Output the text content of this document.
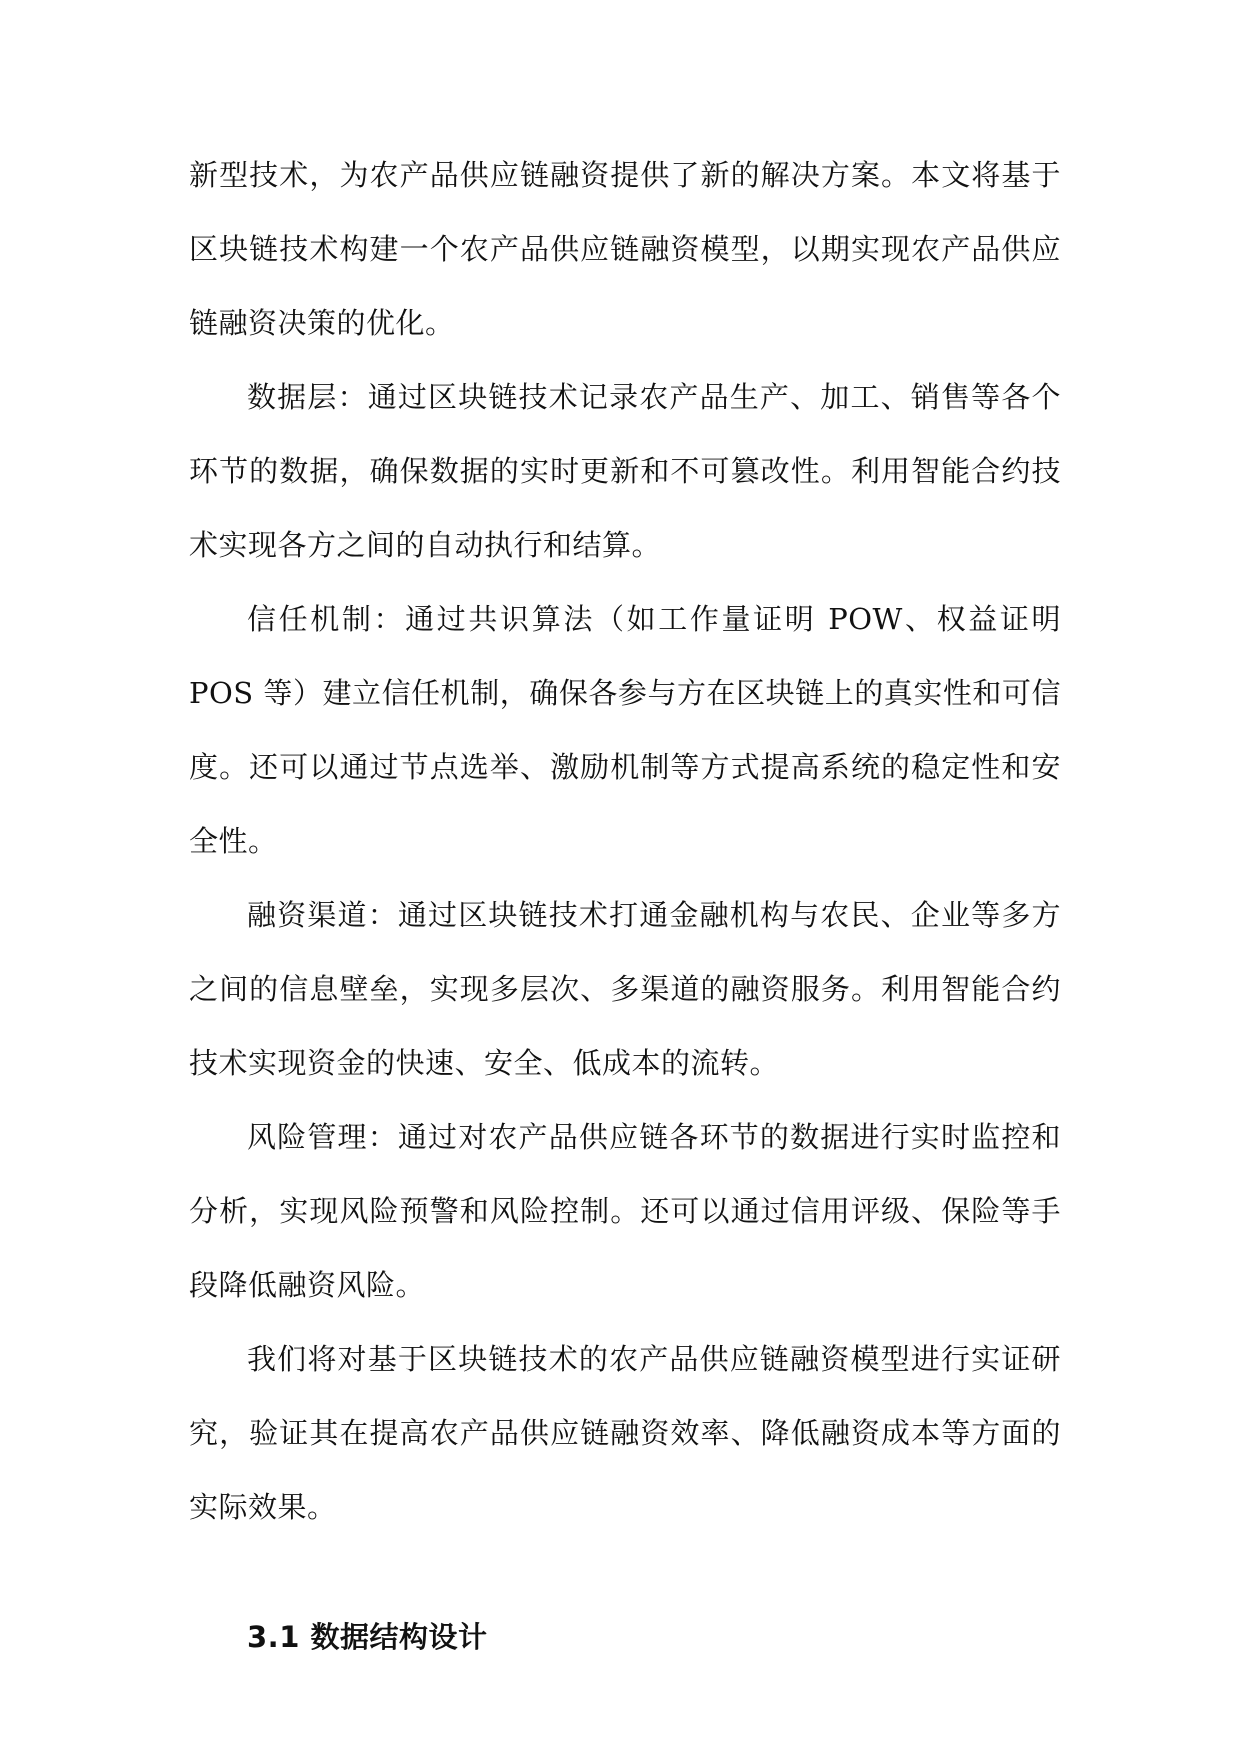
新型技术，为农产品供应链融资提供了新的解决方案。本文将基于区块链技术构建一个农产品供应链融资模型，以期实现农产品供应链融资决策的优化。

数据层：通过区块链技术记录农产品生产、加工、销售等各个环节的数据，确保数据的实时更新和不可篡改性。利用智能合约技术实现各方之间的自动执行和结算。

信任机制：通过共识算法（如工作量证明 POW、权益证明 POS 等）建立信任机制，确保各参与方在区块链上的真实性和可信度。还可以通过节点选举、激励机制等方式提高系统的稳定性和安全性。

融资渠道：通过区块链技术打通金融机构与农民、企业等多方之间的信息壁垒，实现多层次、多渠道的融资服务。利用智能合约技术实现资金的快速、安全、低成本的流转。

风险管理：通过对农产品供应链各环节的数据进行实时监控和分析，实现风险预警和风险控制。还可以通过信用评级、保险等手段降低融资风险。

我们将对基于区块链技术的农产品供应链融资模型进行实证研究，验证其在提高农产品供应链融资效率、降低融资成本等方面的实际效果。

3.1 数据结构设计
